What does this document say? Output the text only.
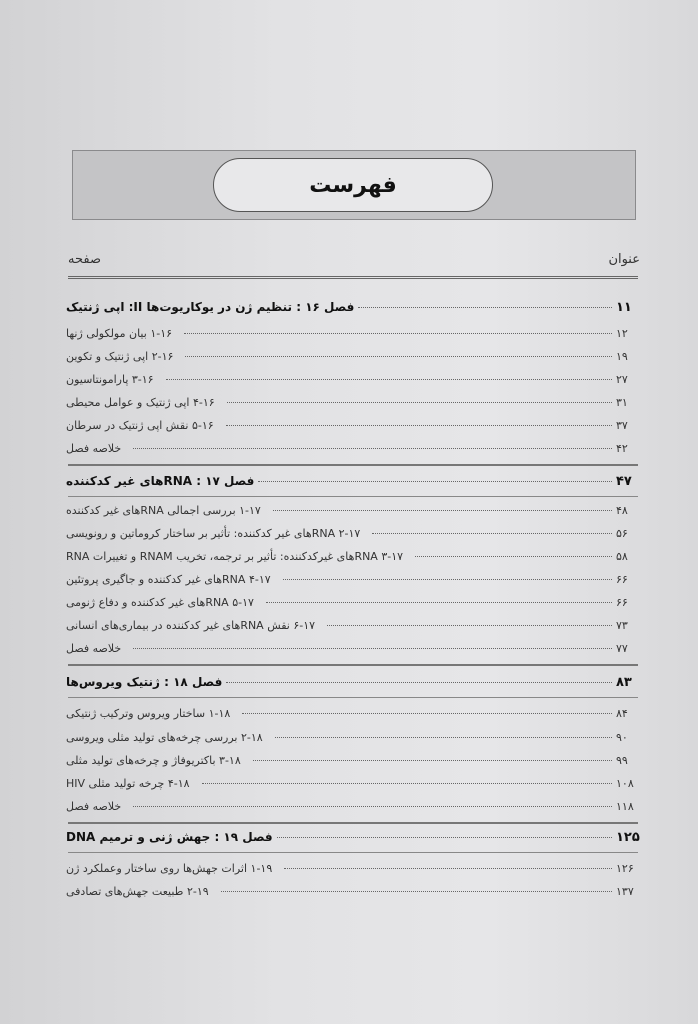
فهرست
عنوان
صفحه
فصل ۱۶ : تنظیم ژن در یوکاریوت‌ها II: اپی ژنتیک	۱۱
۱-۱۶ بیان مولکولی ژنها	۱۲
۲-۱۶ اپی ژنتیک و تکوین	۱۹
۳-۱۶ پارامونتاسیون	۲۷
۴-۱۶ اپی ژنتیک و عوامل محیطی	۳۱
۵-۱۶ نقش اپی ژنتیک در سرطان	۳۷
خلاصه فصل	۴۲
فصل ۱۷ : RNAهای غیر کدکننده	۴۷
۱-۱۷ بررسی اجمالی RNAهای غیر کدکننده	۴۸
۲-۱۷ RNAهای غیر کدکننده: تأثیر بر ساختار کروماتین و رونویسی	۵۶
۳-۱۷ RNAهای غیرکدکننده: تأثیر بر ترجمه، تخریب RNAM و تغییرات RNA	۵۸
۴-۱۷ RNAهای غیر کدکننده و جاگیری پروتئین	۶۶
۵-۱۷ RNAهای غیر کدکننده و دفاع ژنومی	۶۶
۶-۱۷ نقش RNAهای غیر کدکننده در بیماری‌های انسانی	۷۳
خلاصه فصل	۷۷
فصل ۱۸ : ژنتیک ویروس‌ها	۸۳
۱-۱۸ ساختار ویروس وترکیب ژنتیکی	۸۴
۲-۱۸ بررسی چرخه‌های تولید مثلی ویروسی	۹۰
۳-۱۸ باکتریوفاژ و چرخه‌های تولید مثلی	۹۹
۴-۱۸ چرخه تولید مثلی HIV	۱۰۸
خلاصه فصل	۱۱۸
فصل ۱۹ : جهش ژنی و ترمیم DNA	۱۲۵
۱-۱۹ اثرات جهش‌ها روی ساختار وعملکرد ژن	۱۲۶
۲-۱۹ طبیعت جهش‌های تصادفی	۱۳۷
